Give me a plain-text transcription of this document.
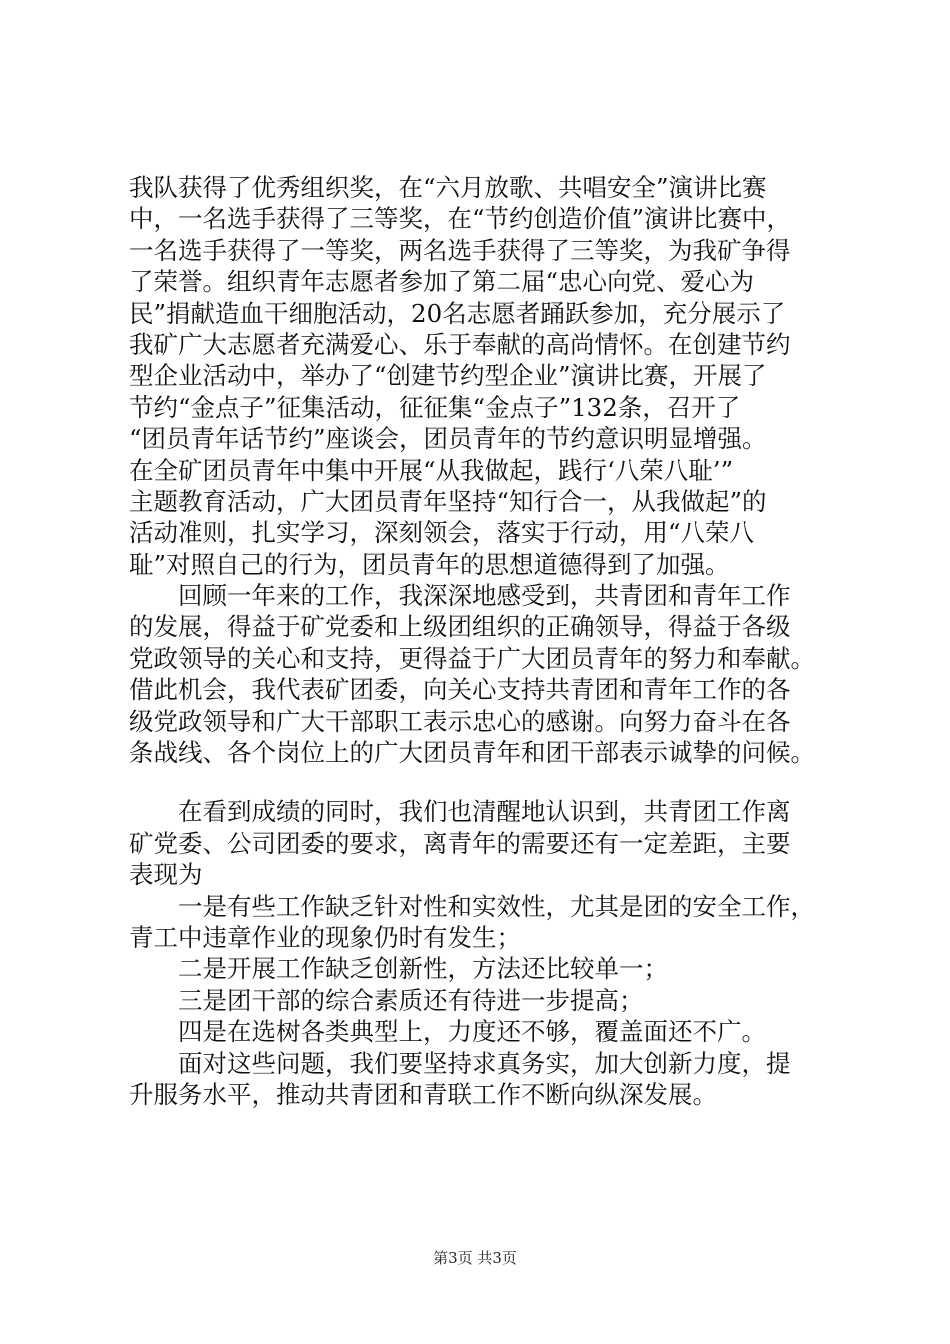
我队获得了优秀组织奖，在“六月放歌、共唱安全”演讲比赛
中，一名选手获得了三等奖，在“节约创造价值”演讲比赛中，
一名选手获得了一等奖，两名选手获得了三等奖，为我矿争得
了荣誉。组织青年志愿者参加了第二届“忠心向党、爱心为
民”捐献造血干细胞活动，20名志愿者踊跃参加，充分展示了
我矿广大志愿者充满爱心、乐于奉献的高尚情怀。在创建节约
型企业活动中，举办了“创建节约型企业”演讲比赛，开展了
节约“金点子”征集活动，征征集“金点子”132条，召开了
“团员青年话节约”座谈会，团员青年的节约意识明显增强。
在全矿团员青年中集中开展“从我做起，践行‘八荣八耻’”
主题教育活动，广大团员青年坚持“知行合一，从我做起”的
活动准则，扎实学习，深刻领会，落实于行动，用“八荣八
耻”对照自己的行为，团员青年的思想道德得到了加强。
　　回顾一年来的工作，我深深地感受到，共青团和青年工作
的发展，得益于矿党委和上级团组织的正确领导，得益于各级
党政领导的关心和支持，更得益于广大团员青年的努力和奉献。
借此机会，我代表矿团委，向关心支持共青团和青年工作的各
级党政领导和广大干部职工表示忠心的感谢。向努力奋斗在各
条战线、各个岗位上的广大团员青年和团干部表示诚挚的问候。
　　在看到成绩的同时，我们也清醒地认识到，共青团工作离
矿党委、公司团委的要求，离青年的需要还有一定差距，主要
表现为
　　一是有些工作缺乏针对性和实效性，尤其是团的安全工作，
青工中违章作业的现象仍时有发生；
　　二是开展工作缺乏创新性，方法还比较单一；
　　三是团干部的综合素质还有待进一步提高；
　　四是在选树各类典型上，力度还不够，覆盖面还不广。
　　面对这些问题，我们要坚持求真务实，加大创新力度，提
升服务水平，推动共青团和青联工作不断向纵深发展。
第3页 共3页
